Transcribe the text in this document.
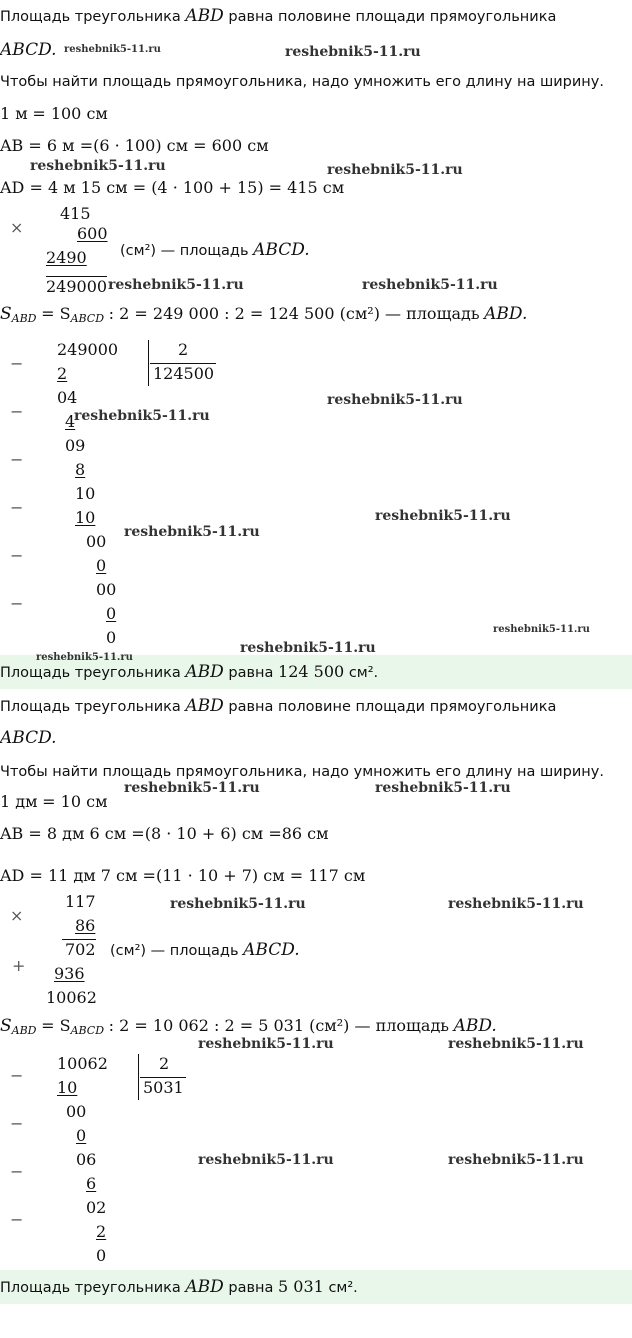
Площадь треугольника ABD равна половине площади прямоугольника
ABCD. reshebnik5-11.ru	reshebnik5-11.ru
Чтобы найти площадь прямоугольника, надо умножить его длину на ширину.
1 м = 100 см
AB = 6 м =(6 · 100) см = 600 см
reshebnik5-11.ru	reshebnik5-11.ru
AD = 4 м 15 см = (4 · 100 + 15) = 415 см
×
415
600
2490 (см²) — площадь ABCD.
249000 reshebnik5-11.ru	reshebnik5-11.ru
$S_{ABD} = S_{ABCD}$ : 2 = 249 000 : 2 = 124 500 (см²) — площадь ABD.
−
−
−
−
−
−
249000	2
124500
2
04
4
09
8
10
10
00
0
00
0
0
reshebnik5-11.ru
reshebnik5-11.ru
reshebnik5-11.ru
reshebnik5-11.ru
reshebnik5-11.ru
reshebnik5-11.ru
reshebnik5-11.ru
Площадь треугольника ABD равна 124 500 см².
Площадь треугольника ABD равна половине площади прямоугольника
ABCD.
Чтобы найти площадь прямоугольника, надо умножить его длину на ширину.
1 дм = 10 см
reshebnik5-11.ru	reshebnik5-11.ru
AB = 8 дм 6 см =(8 · 10 + 6) см =86 см
AD = 11 дм 7 см =(11 · 10 + 7) см = 117 см
×
117
86
702 (см²) — площадь ABCD.
+ 936
10062
reshebnik5-11.ru	reshebnik5-11.ru
$S_{ABD} = S_{ABCD}$ : 2 = 10 062 : 2 = 5 031 (см²) — площадь ABD.
reshebnik5-11.ru	reshebnik5-11.ru
−
−
−
−
10062	2
5031
10
00
0
06
6
02
2
0
reshebnik5-11.ru	reshebnik5-11.ru
Площадь треугольника ABD равна 5 031 см².
